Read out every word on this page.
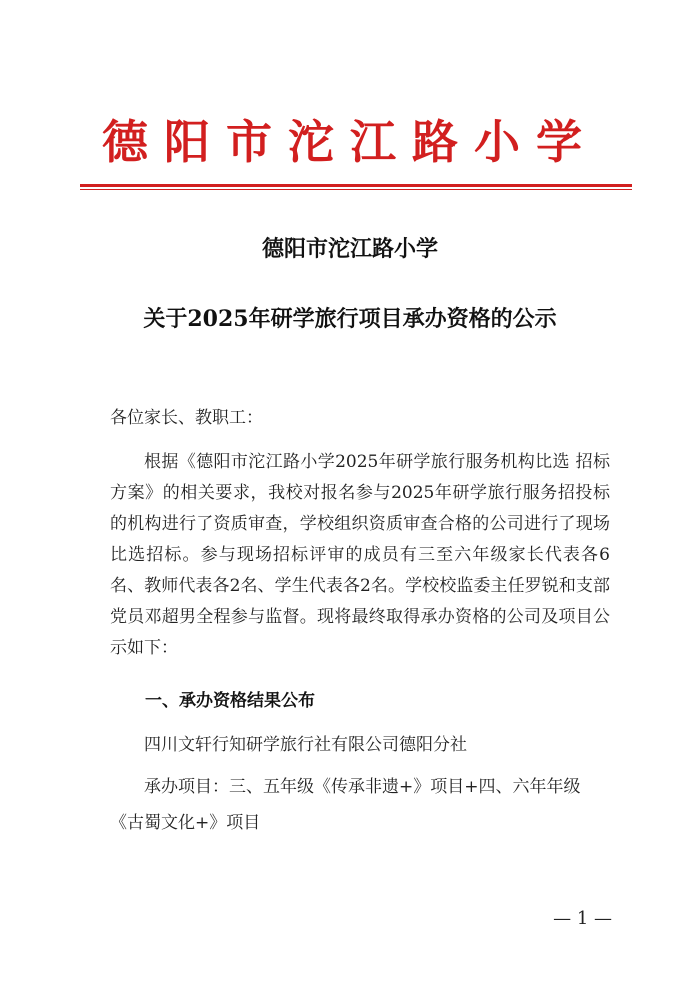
德阳市沱江路小学
德阳市沱江路小学
关于2025年研学旅行项目承办资格的公示
各位家长、教职工：
根据《德阳市沱江路小学2025年研学旅行服务机构比选 招标方案》的相关要求，我校对报名参与2025年研学旅行服务招投标的机构进行了资质审查，学校组织资质审查合格的公司进行了现场比选招标。参与现场招标评审的成员有三至六年级家长代表各6名、教师代表各2名、学生代表各2名。学校校监委主任罗锐和支部党员邓超男全程参与监督。现将最终取得承办资格的公司及项目公示如下：
一、承办资格结果公布
四川文轩行知研学旅行社有限公司德阳分社
承办项目：三、五年级《传承非遗+》项目+四、六年年级《古蜀文化+》项目
— 1 —
